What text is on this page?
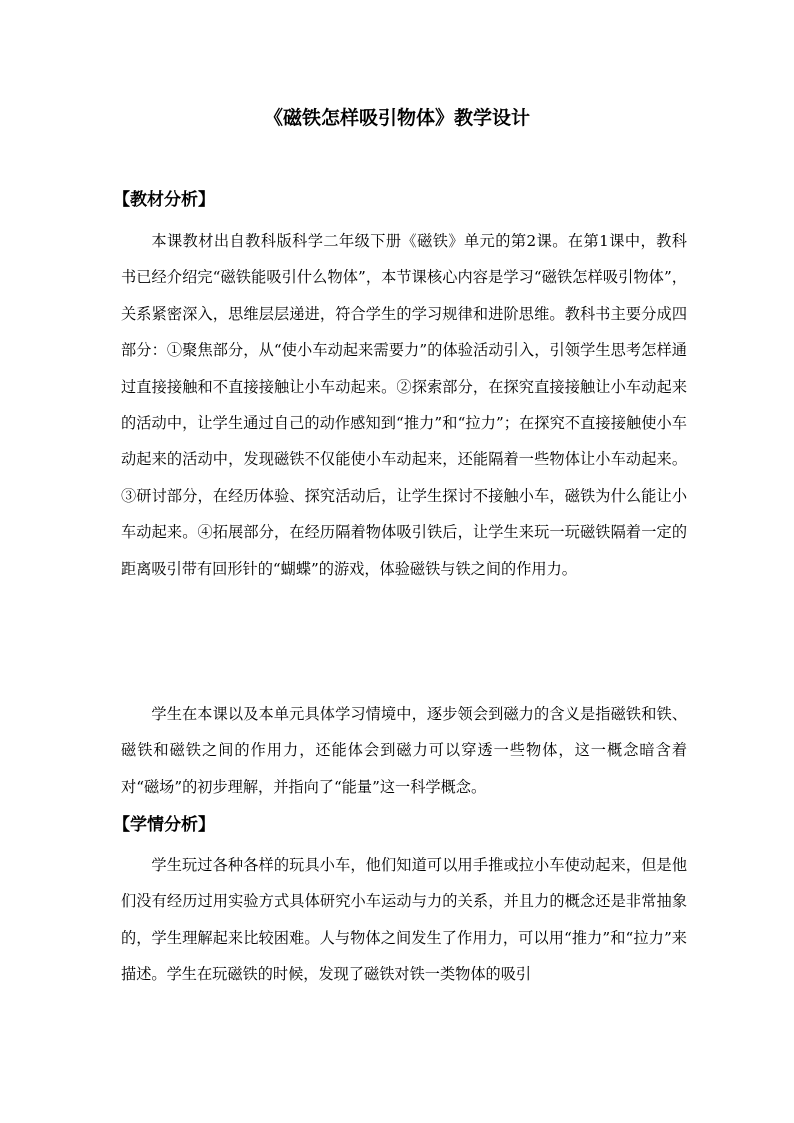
《磁铁怎样吸引物体》教学设计
【教材分析】

本课教材出自教科版科学二年级下册《磁铁》单元的第2课。在第1课中，教科书已经介绍完“磁铁能吸引什么物体”，本节课核心内容是学习“磁铁怎样吸引物体”，关系紧密深入，思维层层递进，符合学生的学习规律和进阶思维。教科书主要分成四部分：①聚焦部分，从“使小车动起来需要力”的体验活动引入，引领学生思考怎样通过直接接触和不直接接触让小车动起来。②探索部分，在探究直接接触让小车动起来的活动中，让学生通过自己的动作感知到“推力”和“拉力”；在探究不直接接触使小车动起来的活动中，发现磁铁不仅能使小车动起来，还能隔着一些物体让小车动起来。③研讨部分，在经历体验、探究活动后，让学生探讨不接触小车，磁铁为什么能让小车动起来。④拓展部分，在经历隔着物体吸引铁后，让学生来玩一玩磁铁隔着一定的距离吸引带有回形针的“蝴蝶”的游戏，体验磁铁与铁之间的作用力。

学生在本课以及本单元具体学习情境中，逐步领会到磁力的含义是指磁铁和铁、磁铁和磁铁之间的作用力，还能体会到磁力可以穿透一些物体，这一概念暗含着对“磁场”的初步理解，并指向了“能量”这一科学概念。

【学情分析】

学生玩过各种各样的玩具小车，他们知道可以用手推或拉小车使动起来，但是他们没有经历过用实验方式具体研究小车运动与力的关系，并且力的概念还是非常抽象的，学生理解起来比较困难。人与物体之间发生了作用力，可以用“推力”和“拉力”来描述。学生在玩磁铁的时候，发现了磁铁对铁一类物体的吸引
